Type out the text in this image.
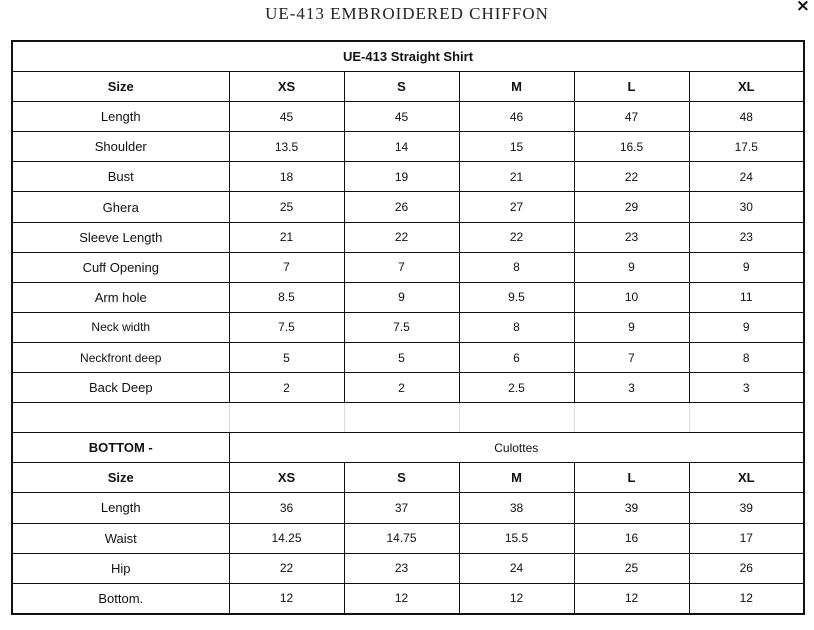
UE-413 EMBROIDERED CHIFFON	×
UE-413 Straight Shirt					
Size	XS	S	M	L	XL
Length	45	45	46	47	48
Shoulder	13.5	14	15	16.5	17.5
Bust	18	19	21	22	24
Ghera	25	26	27	29	30
Sleeve Length	21	22	22	23	23
Cuff Opening	7	7	8	9	9
Arm hole	8.5	9	9.5	10	11
Neck width	7.5	7.5	8	9	9
Neckfront deep	5	5	6	7	8
Back Deep	2	2	2.5	3	3

BOTTOM -	Culottes				
Size	XS	S	M	L	XL
Length	36	37	38	39	39
Waist	14.25	14.75	15.5	16	17
Hip	22	23	24	25	26
Bottom.	12	12	12	12	12
